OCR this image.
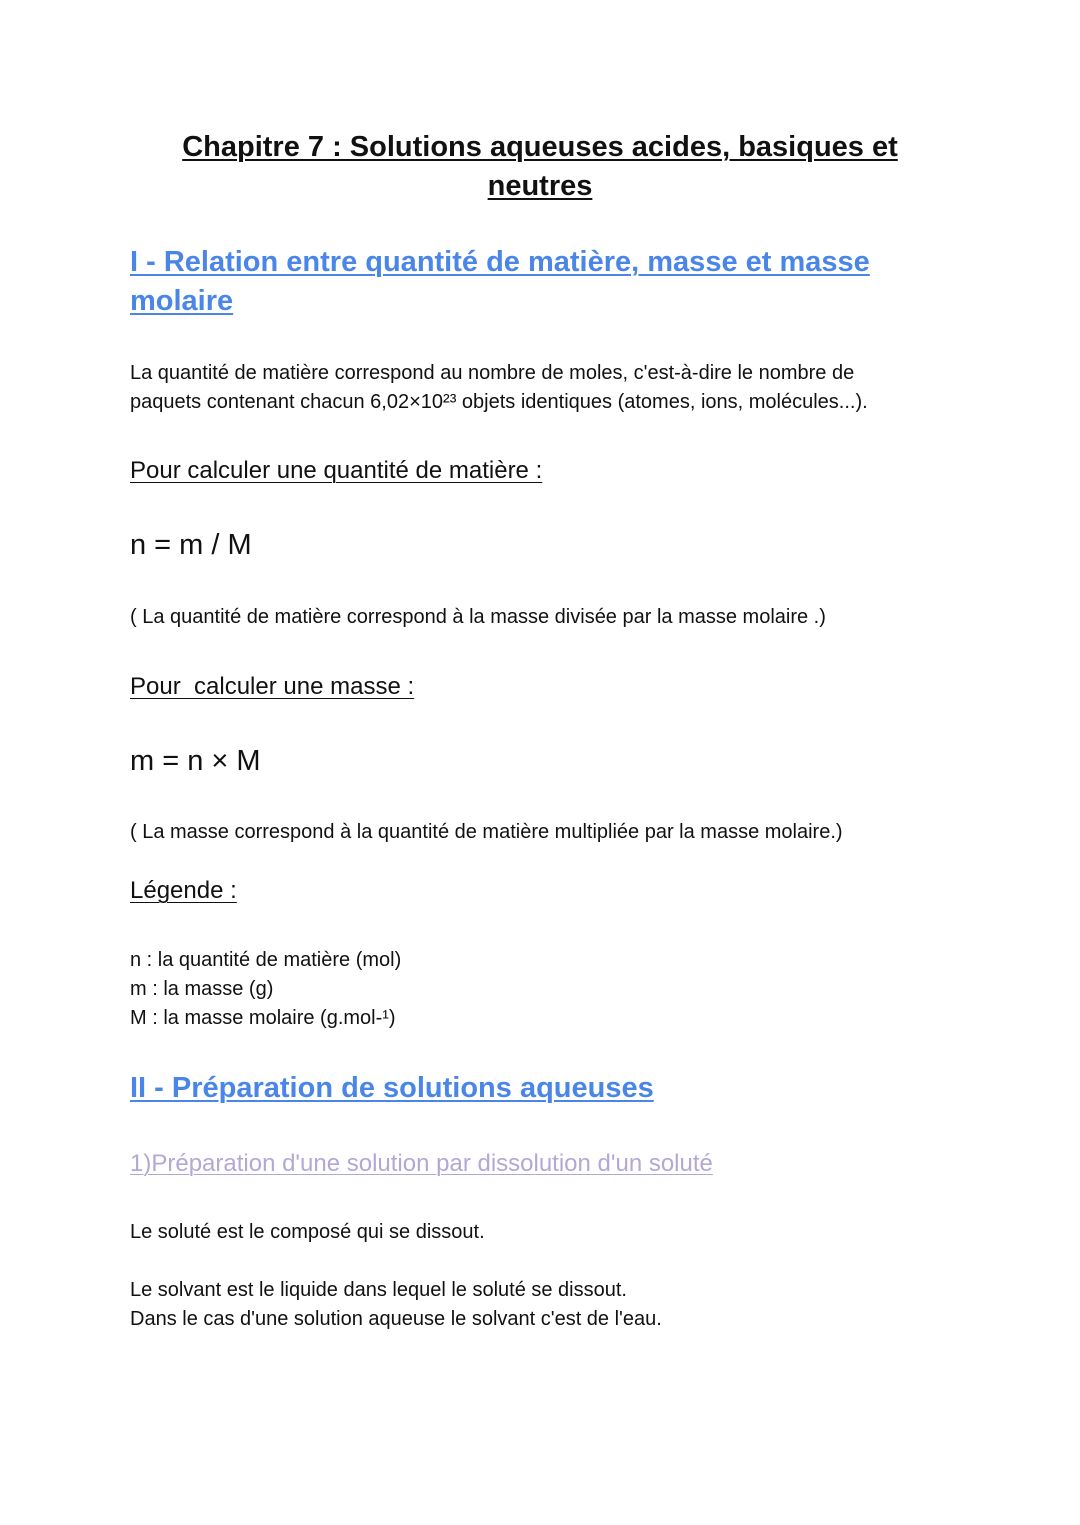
Chapitre 7 : Solutions aqueuses acides, basiques et
neutres
I - Relation entre quantité de matière, masse et masse molaire
La quantité de matière correspond au nombre de moles, c'est-à-dire le nombre de
paquets contenant chacun 6,02×10²³ objets identiques (atomes, ions, molécules...).
Pour calculer une quantité de matière :
n = m / M
( La quantité de matière correspond à la masse divisée par la masse molaire .)
Pour  calculer une masse :
m = n × M
( La masse correspond à la quantité de matière multipliée par la masse molaire.)
Légende :
n : la quantité de matière (mol)
m : la masse (g)
M : la masse molaire (g.mol-¹)
II - Préparation de solutions aqueuses
1)Préparation d'une solution par dissolution d'un soluté
Le soluté est le composé qui se dissout.
Le solvant est le liquide dans lequel le soluté se dissout.
Dans le cas d'une solution aqueuse le solvant c'est de l'eau.
